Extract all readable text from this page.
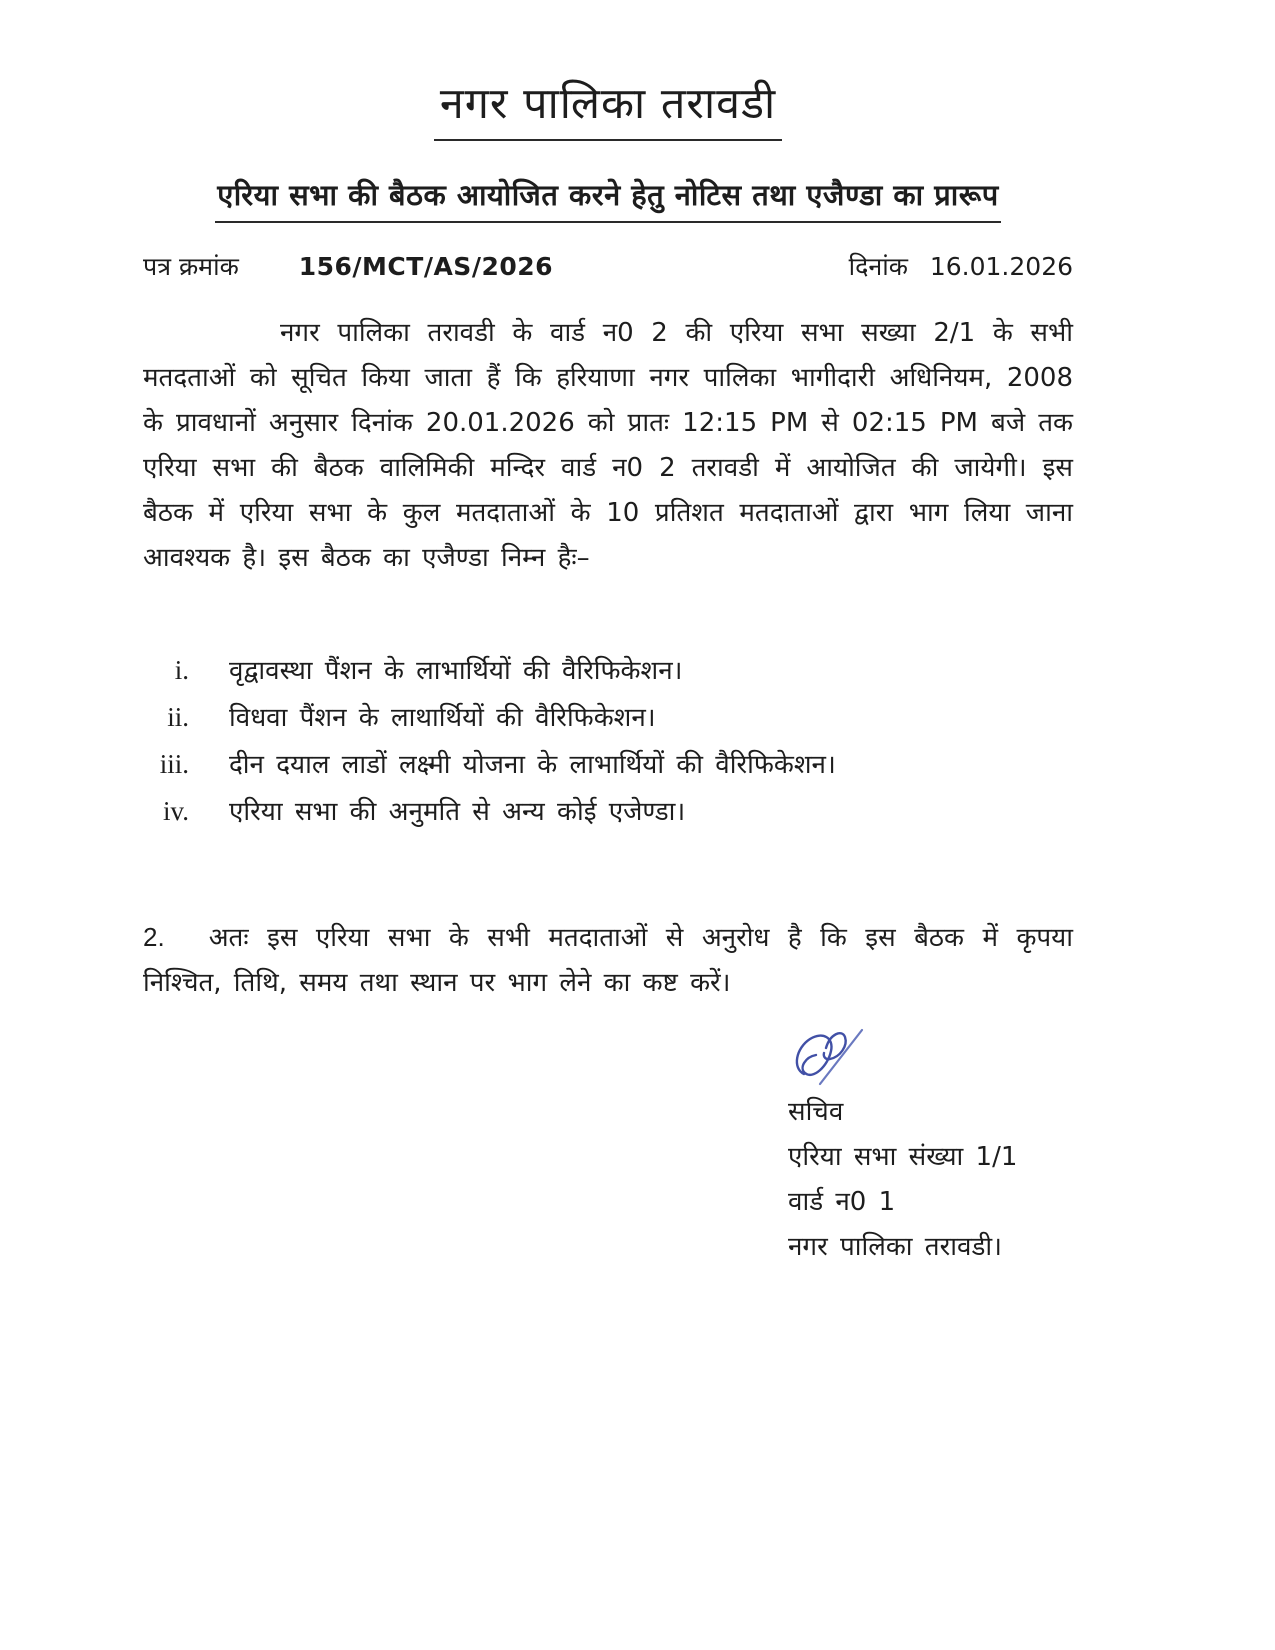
नगर पालिका तरावडी
एरिया सभा की बैठक आयोजित करने हेतु नोटिस तथा एजैण्डा का प्रारूप
पत्र क्रमांक 156/MCT/AS/2026	दिनांक 16.01.2026

नगर पालिका तरावडी के वार्ड न0 2 की एरिया सभा सख्या 2/1 के सभी मतदताओं को सूचित किया जाता हैं कि हरियाणा नगर पालिका भागीदारी अधिनियम, 2008 के प्रावधानों अनुसार दिनांक 20.01.2026 को प्रातः 12:15 PM से 02:15 PM बजे तक एरिया सभा की बैठक वालिमिकी मन्दिर वार्ड न0 2 तरावडी में आयोजित की जायेगी। इस बैठक में एरिया सभा के कुल मतदाताओं के 10 प्रतिशत मतदाताओं द्वारा भाग लिया जाना आवश्यक है। इस बैठक का एजैण्डा निम्न हैः–

i. वृद्वावस्था पैंशन के लाभार्थियों की वैरिफिकेशन।
ii. विधवा पैंशन के लाथार्थियों की वैरिफिकेशन।
iii. दीन दयाल लाडों लक्ष्मी योजना के लाभार्थियों की वैरिफिकेशन।
iv. एरिया सभा की अनुमति से अन्य कोई एजेण्डा।

2. अतः इस एरिया सभा के सभी मतदाताओं से अनुरोध है कि इस बैठक में कृपया निश्चित, तिथि, समय तथा स्थान पर भाग लेने का कष्ट करें।

सचिव
एरिया सभा संख्या 1/1
वार्ड न0 1
नगर पालिका तरावडी।
